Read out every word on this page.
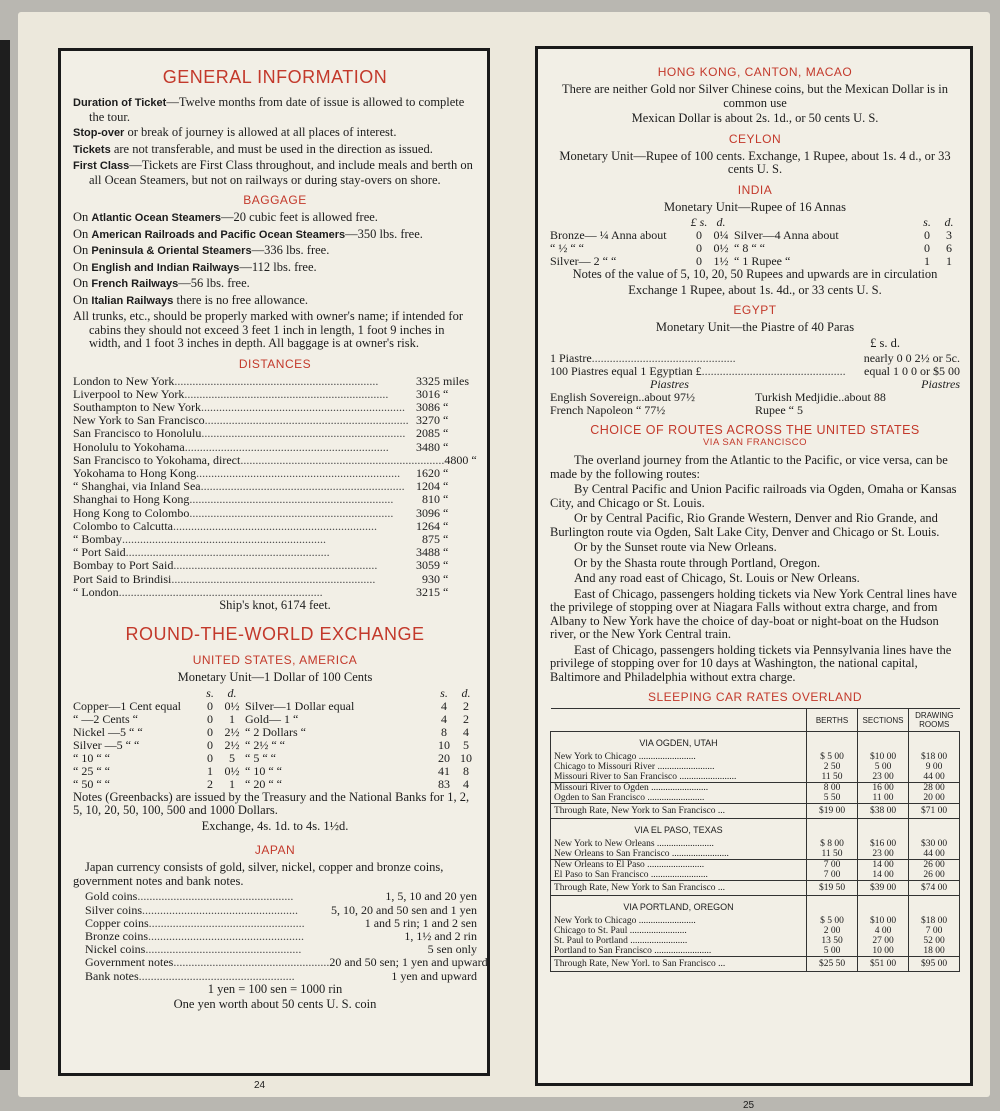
GENERAL INFORMATION
Duration of Ticket—Twelve months from date of issue is allowed to complete the tour.
Stop-over or break of journey is allowed at all places of interest.
Tickets are not transferable, and must be used in the direction as issued.
First Class—Tickets are First Class throughout, and include meals and berth on all Ocean Steamers, but not on railways or during stay-overs on shore.
BAGGAGE
On Atlantic Ocean Steamers—20 cubic feet is allowed free.
On American Railroads and Pacific Ocean Steamers—350 lbs. free.
On Peninsula & Oriental Steamers—336 lbs. free.
On English and Indian Railways—112 lbs. free.
On French Railways—56 lbs. free.
On Italian Railways there is no free allowance.
All trunks, etc., should be properly marked with owner's name; if intended for cabins they should not exceed 3 feet 1 inch in length, 1 foot 9 inches in width, and 1 foot 3 inches in depth. All baggage is at owner's risk.
DISTANCES
London to New York ....................................................................	3325 miles
Liverpool to New York ....................................................................	3016 “
Southampton to New York .................................................................... 3086 “
New York to San Francisco .................................................................... 3270 “
San Francisco to Honolulu .................................................................... 2085 “
Honolulu to Yokohama ....................................................................	3480 “
San Francisco to Yokohama, direct .................................................................... 4800 “
Yokohama to Hong Kong ....................................................................	1620 “
“ Shanghai, via Inland Sea .................................................................... 1204 “
Shanghai to Hong Kong ....................................................................	810 “
Hong Kong to Colombo ....................................................................	3096 “
Colombo to Calcutta ....................................................................	1264 “
“ Bombay ....................................................................	875 “
“ Port Said ....................................................................	3488 “
Bombay to Port Said ....................................................................	3059 “
Port Said to Brindisi ....................................................................	930 “
“ London ....................................................................	3215 “
Ship's knot, 6174 feet.
ROUND-THE-WORLD EXCHANGE
UNITED STATES, AMERICA
Monetary Unit—1 Dollar of 100 Cents
s.	d.	s.	d.
Copper—1 Cent equal	0 0½ Silver—1 Dollar equal	4	2
“ —2 Cents “	0	1 Gold— 1 “	4	2
Nickel —5 “ “	0 2½ “ 2 Dollars “	8	4
Silver —5 “ “	0 2½ “ 2½ “ “	10	5
“ 10 “ “	0	5 “ 5 “ “	20 10
“ 25 “ “	1 0½ “ 10 “ “	41	8
“ 50 “ “	2	1 “ 20 “ “	83	4
Notes (Greenbacks) are issued by the Treasury and the National Banks for 1, 2, 5, 10, 20, 50, 100, 500 and 1000 Dollars.
Exchange, 4s. 1d. to 4s. 1½d.
JAPAN
Japan currency consists of gold, silver, nickel, copper and bronze coins, government notes and bank notes.
Gold coins ....................................................	1, 5, 10 and 20 yen
Silver coins ....................................................	5, 10, 20 and 50 sen and 1 yen
Copper coins ....................................................	1 and 5 rin; 1 and 2 sen
Bronze coins ....................................................	1, 1½ and 2 rin
Nickel coins ....................................................	5 sen only
Government notes .................................................... 20 and 50 sen; 1 yen and upward
Bank notes ....................................................	1 yen and upward
1 yen = 100 sen = 1000 rin
One yen worth about 50 cents U. S. coin
24
HONG KONG, CANTON, MACAO
There are neither Gold nor Silver Chinese coins, but the Mexican Dollar is in common use
Mexican Dollar is about 2s. 1d., or 50 cents U. S.
CEYLON
Monetary Unit—Rupee of 100 cents. Exchange, 1 Rupee, about 1s. 4 d., or 33 cents U. S.
INDIA
Monetary Unit—Rupee of 16 Annas
£ s. d.	s.	d.
Bronze— ¼ Anna about	0 0¼ Silver—4 Anna about	0	3
“ ½ “ “	0 0½ “ 8 “ “	0	6
Silver— 2 “ “	0 1½ “ 1 Rupee “	1	1
Notes of the value of 5, 10, 20, 50 Rupees and upwards are in circulation
Exchange 1 Rupee, about 1s. 4d., or 33 cents U. S.
EGYPT
Monetary Unit—the Piastre of 40 Paras
£ s. d.
1 Piastre ................................................	nearly 0 0 2½ or 5c.
100 Piastres equal 1 Egyptian £ ................................................	equal 1 0 0 or $5 00
Piastres	Piastres
English Sovereign..about 97½	Turkish Medjidie..about 88
French Napoleon “ 77½	Rupee “ 5
CHOICE OF ROUTES ACROSS THE UNITED STATES
VIA SAN FRANCISCO
The overland journey from the Atlantic to the Pacific, or vice versa, can be made by the following routes:
By Central Pacific and Union Pacific railroads via Ogden, Omaha or Kansas City, and Chicago or St. Louis.
Or by Central Pacific, Rio Grande Western, Denver and Rio Grande, and Burlington route via Ogden, Salt Lake City, Denver and Chicago or St. Louis.
Or by the Sunset route via New Orleans.
Or by the Shasta route through Portland, Oregon.
And any road east of Chicago, St. Louis or New Orleans.
East of Chicago, passengers holding tickets via New York Central lines have the privilege of stopping over at Niagara Falls without extra charge, and from Albany to New York have the choice of day-boat or night-boat on the Hudson river, or the New York Central train.
East of Chicago, passengers holding tickets via Pennsylvania lines have the privilege of stopping over for 10 days at Washington, the national capital, Baltimore and Philadelphia without extra charge.
SLEEPING CAR RATES OVERLAND
	BERTHS	SECTIONS	DRAWING ROOMS
VIA OGDEN, UTAH			
New York to Chicago ........................	$ 5 00	$10 00	$18 00
Chicago to Missouri River ........................	2 50	5 00	9 00
Missouri River to San Francisco ........................	11 50	23 00	44 00
Missouri River to Ogden ........................	8 00	16 00	28 00
Ogden to San Francisco ........................	5 50	11 00	20 00
Through Rate, New York to San Francisco ...	$19 00	$38 00	$71 00
VIA EL PASO, TEXAS			
New York to New Orleans ........................	$ 8 00	$16 00	$30 00
New Orleans to San Francisco ........................	11 50	23 00	44 00
New Orleans to El Paso ........................	7 00	14 00	26 00
El Paso to San Francisco ........................	7 00	14 00	26 00
Through Rate, New York to San Francisco ...	$19 50	$39 00	$74 00
VIA PORTLAND, OREGON			
New York to Chicago ........................	$ 5 00	$10 00	$18 00
Chicago to St. Paul ........................	2 00	4 00	7 00
St. Paul to Portland ........................	13 50	27 00	52 00
Portland to San Francisco ........................	5 00	10 00	18 00
Through Rate, New Yorl. to San Francisco ...	$25 50	$51 00	$95 00
25
